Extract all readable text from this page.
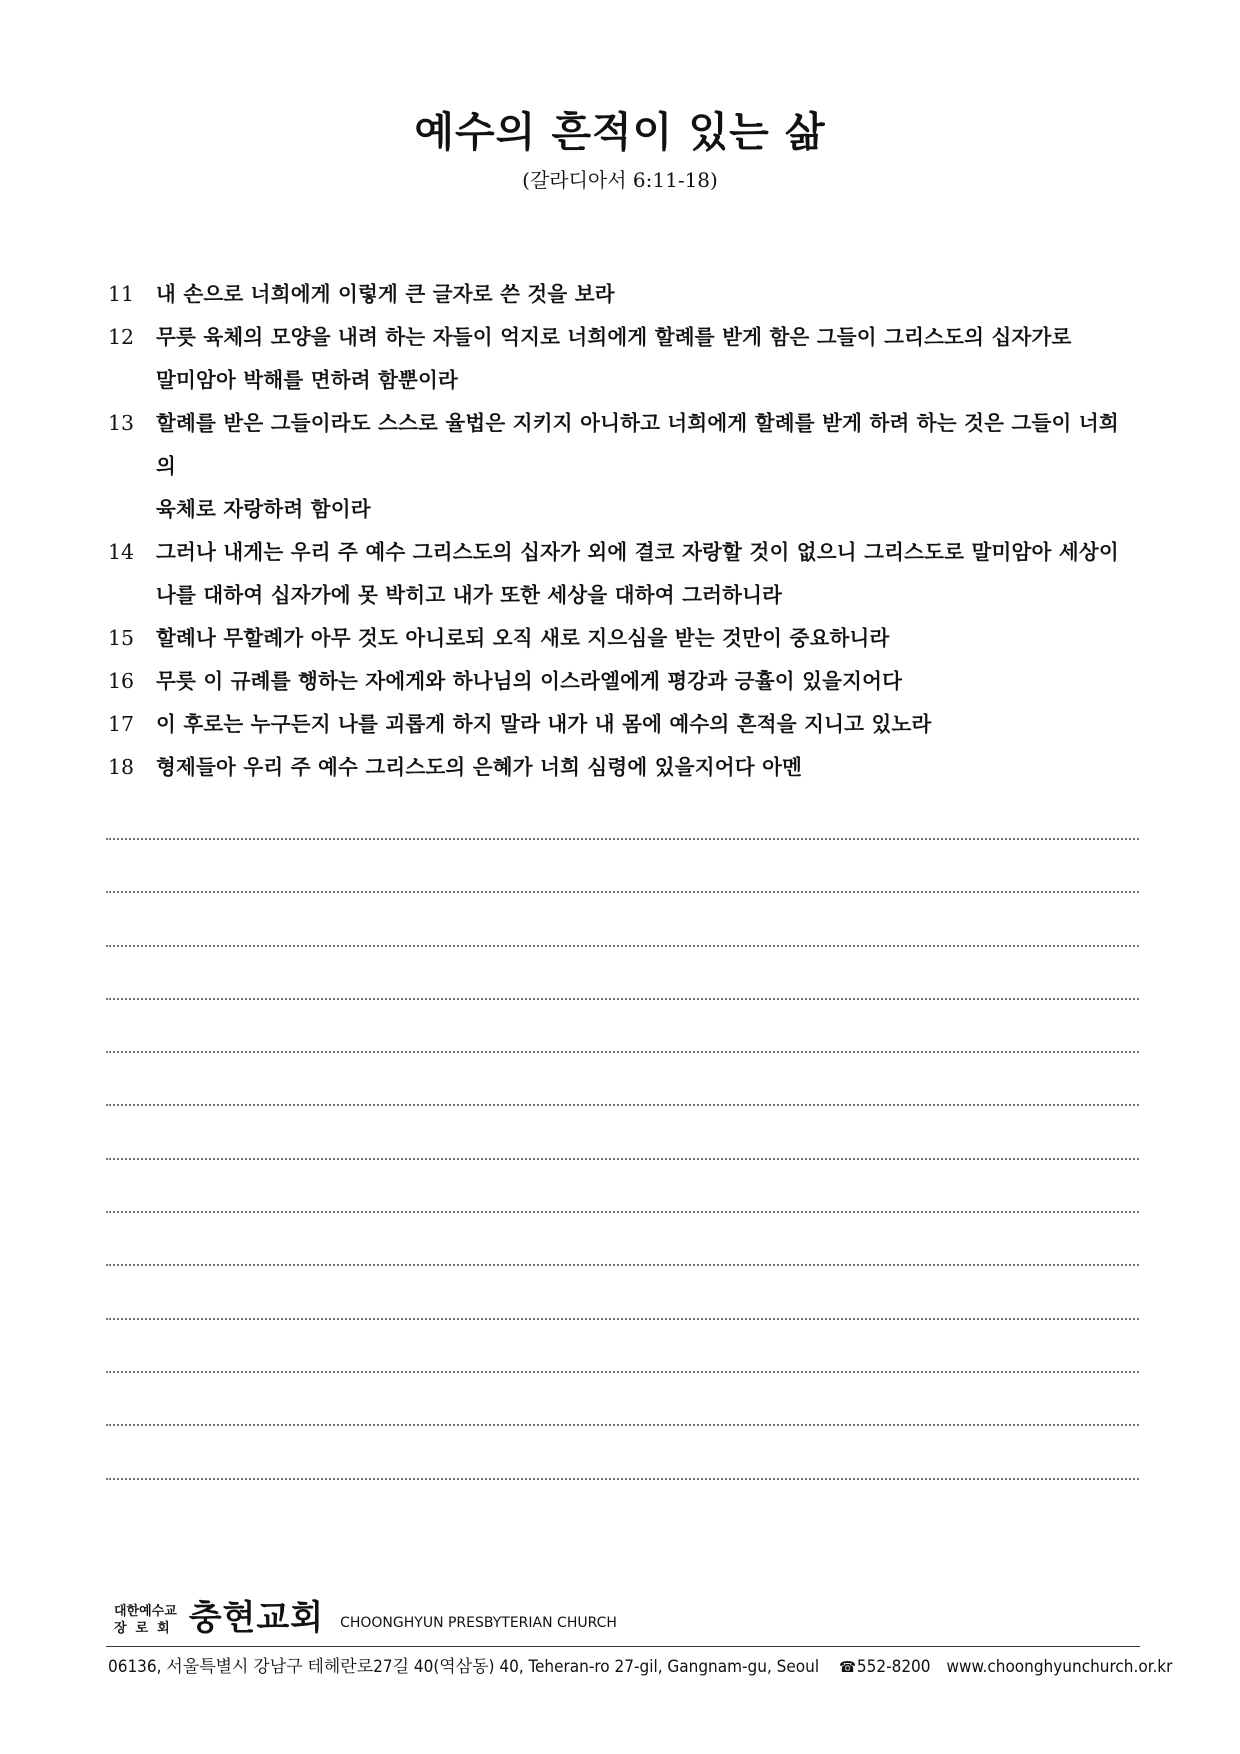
예수의 흔적이 있는 삶
(갈라디아서 6:11-18)
11	내 손으로 너희에게 이렇게 큰 글자로 쓴 것을 보라
12	무릇 육체의 모양을 내려 하는 자들이 억지로 너희에게 할례를 받게 함은 그들이 그리스도의 십자가로
말미암아 박해를 면하려 함뿐이라
13	할례를 받은 그들이라도 스스로 율법은 지키지 아니하고 너희에게 할례를 받게 하려 하는 것은 그들이 너희의
육체로 자랑하려 함이라
14	그러나 내게는 우리 주 예수 그리스도의 십자가 외에 결코 자랑할 것이 없으니 그리스도로 말미암아 세상이
나를 대하여 십자가에 못 박히고 내가 또한 세상을 대하여 그러하니라
15	할례나 무할례가 아무 것도 아니로되 오직 새로 지으심을 받는 것만이 중요하니라
16	무릇 이 규례를 행하는 자에게와 하나님의 이스라엘에게 평강과 긍휼이 있을지어다
17	이 후로는 누구든지 나를 괴롭게 하지 말라 내가 내 몸에 예수의 흔적을 지니고 있노라
18	형제들아 우리 주 예수 그리스도의 은혜가 너희 심령에 있을지어다 아멘
대한예수교
장로회 충현교회 CHOONGHYUN PRESBYTERIAN CHURCH
06136, 서울특별시 강남구 테헤란로27길 40(역삼동) 40, Teheran-ro 27-gil, Gangnam-gu, Seoul ☎ 552-8200 www.choonghyunchurch.or.kr
